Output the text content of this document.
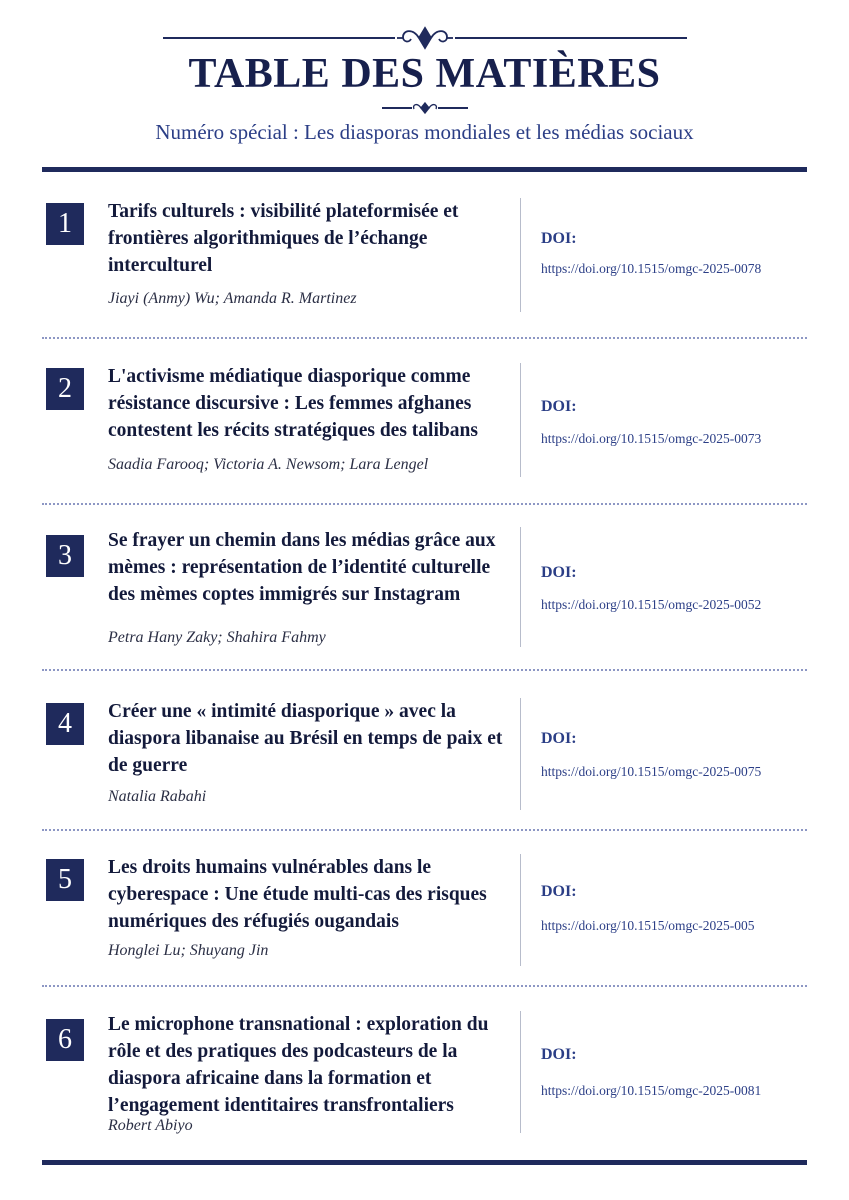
TABLE DES MATIÈRES
Numéro spécial : Les diasporas mondiales et les médias sociaux
1	Tarifs culturels : visibilité plateformisée et frontières algorithmiques de l’échange interculturel
Jiayi (Anmy) Wu; Amanda R. Martinez
DOI:
https://doi.org/10.1515/omgc-2025-0078
2	L'activisme médiatique diasporique comme résistance discursive : Les femmes afghanes contestent les récits stratégiques des talibans
Saadia Farooq; Victoria A. Newsom; Lara Lengel
DOI:
https://doi.org/10.1515/omgc-2025-0073
3	Se frayer un chemin dans les médias grâce aux mèmes : représentation de l’identité culturelle des mèmes coptes immigrés sur Instagram
Petra Hany Zaky; Shahira Fahmy
DOI:
https://doi.org/10.1515/omgc-2025-0052
4	Créer une « intimité diasporique » avec la diaspora libanaise au Brésil en temps de paix et de guerre
Natalia Rabahi
DOI:
https://doi.org/10.1515/omgc-2025-0075
5	Les droits humains vulnérables dans le cyberespace : Une étude multi-cas des risques numériques des réfugiés ougandais
Honglei Lu; Shuyang Jin
DOI:
https://doi.org/10.1515/omgc-2025-005
6	Le microphone transnational : exploration du rôle et des pratiques des podcasteurs de la diaspora africaine dans la formation et l’engagement identitaires transfrontaliers
Robert Abiyo
DOI:
https://doi.org/10.1515/omgc-2025-0081
